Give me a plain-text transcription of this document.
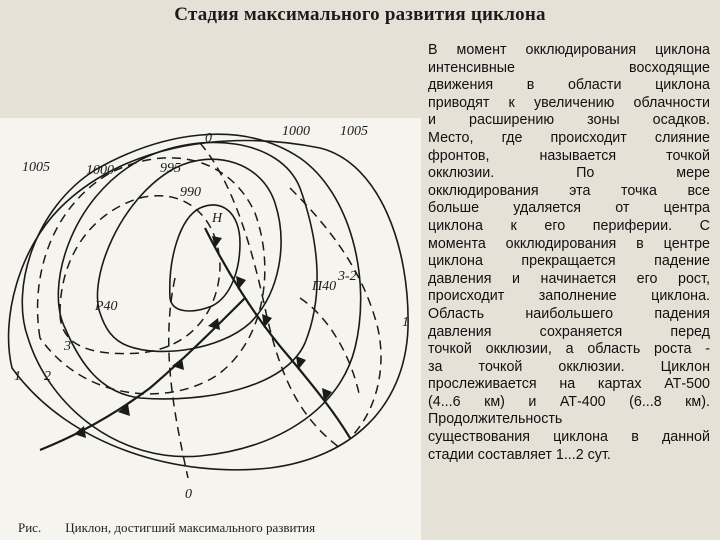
Стадия максимального развития циклона
1005	1000	995
990
0	1000 1005
Н
Р40
П40
3-2
1
3
2
1
0
Рис. Циклон, достигший максимального развития
В момент окклюдирования циклона
интенсивные восходящие
движения в области циклона
приводят к увеличению облачности
и расширению зоны осадков.
Место, где происходит слияние
фронтов, называется точкой
окклюзии. По мере
окклюдирования эта точка все
больше удаляется от центра
циклона к его периферии. С
момента окклюдирования в центре
циклона прекращается падение
давления и начинается его рост,
происходит заполнение циклона.
Область наибольшего падения
давления сохраняется перед
точкой окклюзии, а область роста -
за точкой окклюзии. Циклон
прослеживается на картах АТ-500
(4...6 км) и АТ-400 (6...8 км).
Продолжительность
существования циклона в данной
стадии составляет 1...2 сут.
